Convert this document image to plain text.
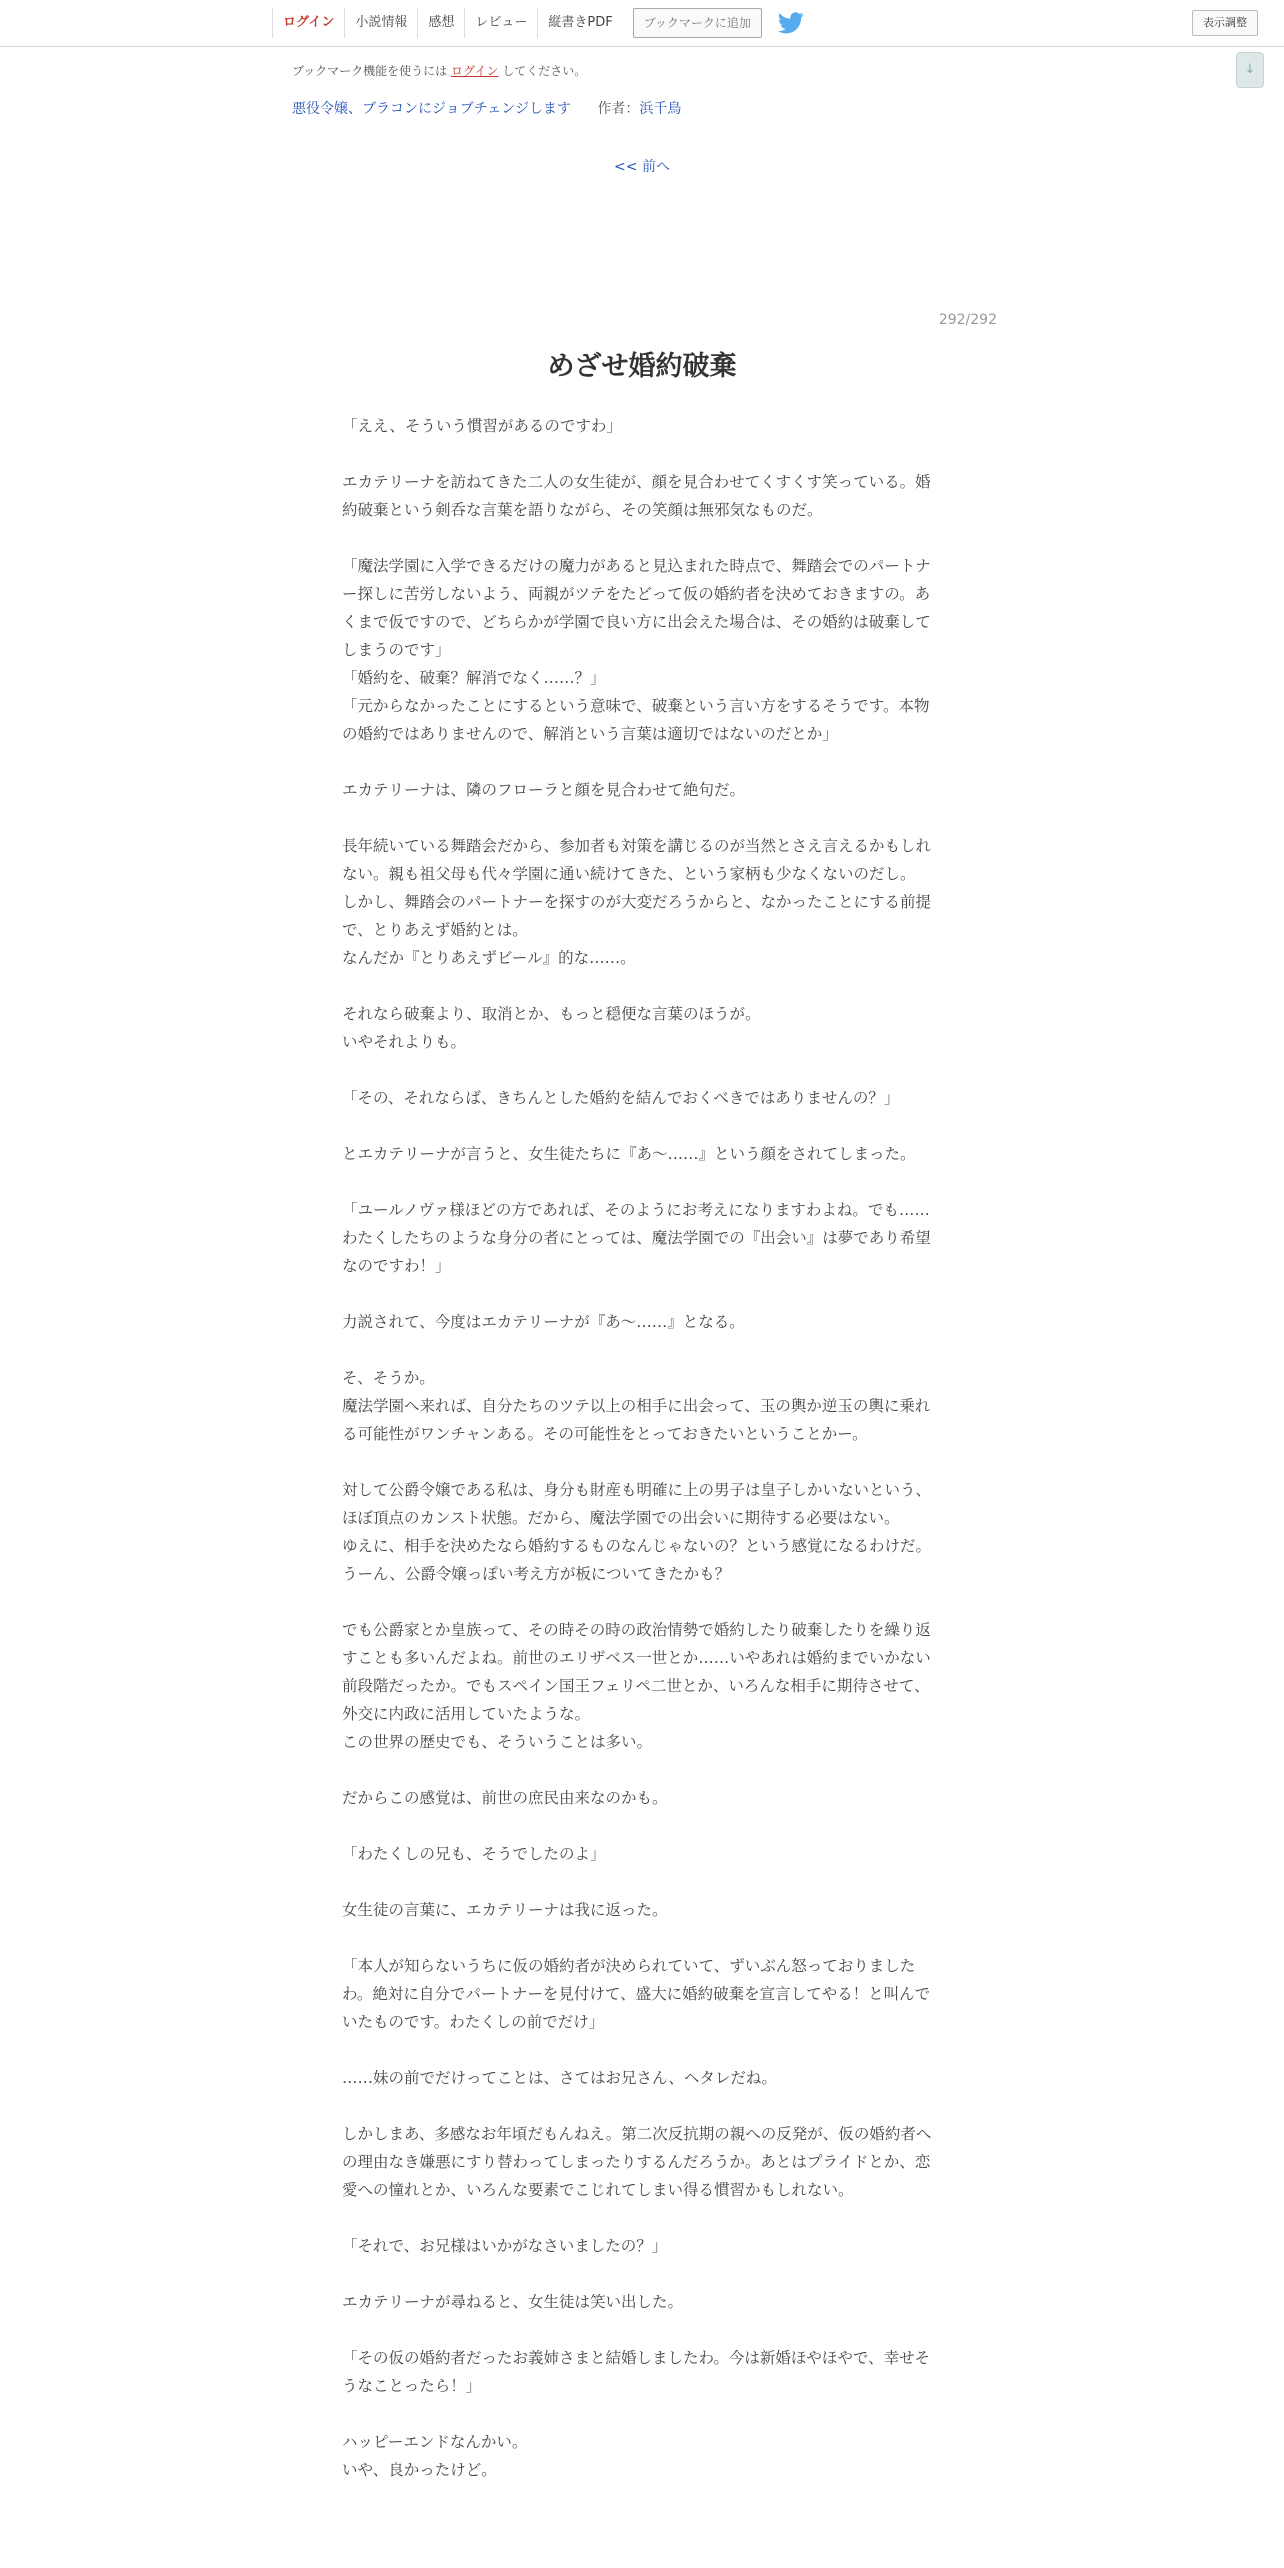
ログイン	小説情報	感想	レビュー	縦書きPDF	ブックマークに追加	表示調整
↓
ブックマーク機能を使うには ログイン してください。
悪役令嬢、ブラコンにジョブチェンジします 作者：浜千鳥
<< 前へ
292/292
めざせ婚約破棄

「ええ、そういう慣習があるのですわ」

エカテリーナを訪ねてきた二人の女生徒が、顔を見合わせてくすくす笑っている。婚約破棄という剣呑な言葉を語りながら、その笑顔は無邪気なものだ。

「魔法学園に入学できるだけの魔力があると見込まれた時点で、舞踏会でのパートナー探しに苦労しないよう、両親がツテをたどって仮の婚約者を決めておきますの。あくまで仮ですので、どちらかが学園で良い方に出会えた場合は、その婚約は破棄してしまうのです」

「婚約を、破棄？解消でなく……？」

「元からなかったことにするという意味で、破棄という言い方をするそうです。本物の婚約ではありませんので、解消という言葉は適切ではないのだとか」

エカテリーナは、隣のフローラと顔を見合わせて絶句だ。

長年続いている舞踏会だから、参加者も対策を講じるのが当然とさえ言えるかもしれない。親も祖父母も代々学園に通い続けてきた、という家柄も少なくないのだし。

しかし、舞踏会のパートナーを探すのが大変だろうからと、なかったことにする前提で、とりあえず婚約とは。

なんだか『とりあえずビール』的な……。

それなら破棄より、取消とか、もっと穏便な言葉のほうが。

いやそれよりも。

「その、それならば、きちんとした婚約を結んでおくべきではありませんの？」

とエカテリーナが言うと、女生徒たちに『あ〜……』という顔をされてしまった。

「ユールノヴァ様ほどの方であれば、そのようにお考えになりますわよね。でも……わたくしたちのような身分の者にとっては、魔法学園での『出会い』は夢であり希望なのですわ！」

力説されて、今度はエカテリーナが『あ〜……』となる。

そ、そうか。

魔法学園へ来れば、自分たちのツテ以上の相手に出会って、玉の輿か逆玉の輿に乗れる可能性がワンチャンある。その可能性をとっておきたいということかー。

対して公爵令嬢である私は、身分も財産も明確に上の男子は皇子しかいないという、ほぼ頂点のカンスト状態。だから、魔法学園での出会いに期待する必要はない。

ゆえに、相手を決めたなら婚約するものなんじゃないの？という感覚になるわけだ。

うーん、公爵令嬢っぽい考え方が板についてきたかも？

でも公爵家とか皇族って、その時その時の政治情勢で婚約したり破棄したりを繰り返すことも多いんだよね。前世のエリザベス一世とか……いやあれは婚約までいかない前段階だったか。でもスペイン国王フェリペ二世とか、いろんな相手に期待させて、外交に内政に活用していたような。

この世界の歴史でも、そういうことは多い。

だからこの感覚は、前世の庶民由来なのかも。

「わたくしの兄も、そうでしたのよ」

女生徒の言葉に、エカテリーナは我に返った。

「本人が知らないうちに仮の婚約者が決められていて、ずいぶん怒っておりましたわ。絶対に自分でパートナーを見付けて、盛大に婚約破棄を宣言してやる！と叫んでいたものです。わたくしの前でだけ」

……妹の前でだけってことは、さてはお兄さん、ヘタレだね。

しかしまあ、多感なお年頃だもんねえ。第二次反抗期の親への反発が、仮の婚約者への理由なき嫌悪にすり替わってしまったりするんだろうか。あとはプライドとか、恋愛への憧れとか、いろんな要素でこじれてしまい得る慣習かもしれない。

「それで、お兄様はいかがなさいましたの？」

エカテリーナが尋ねると、女生徒は笑い出した。

「その仮の婚約者だったお義姉さまと結婚しましたわ。今は新婚ほやほやで、幸せそうなことったら！」

ハッピーエンドなんかい。

いや、良かったけど。
